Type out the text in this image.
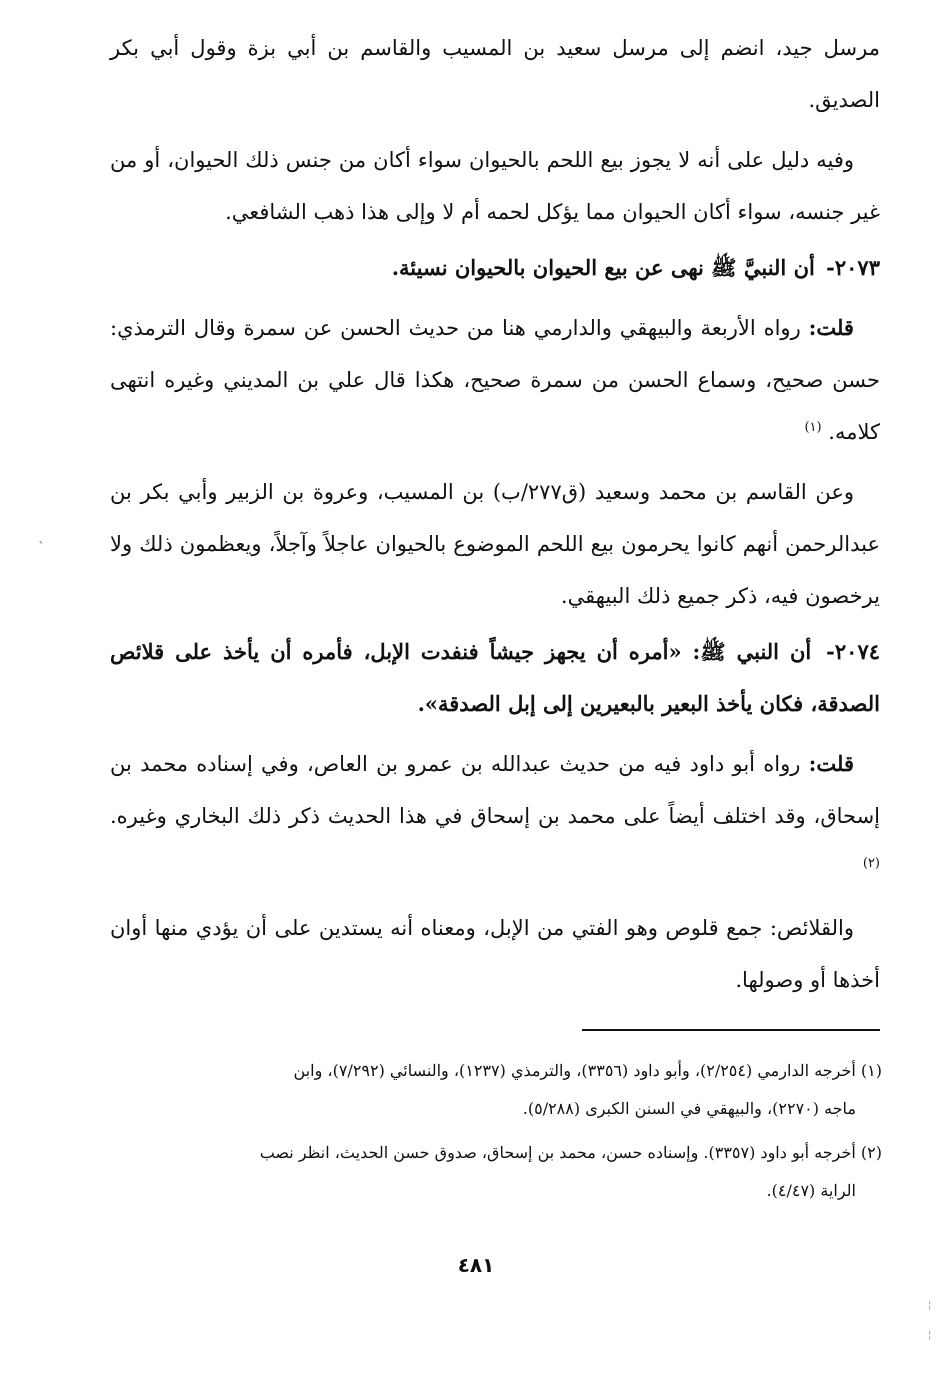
مرسل جيد، انضم إلى مرسل سعيد بن المسيب والقاسم بن أبي بزة وقول أبي بكر الصديق.

وفيه دليل على أنه لا يجوز بيع اللحم بالحيوان سواء أكان من جنس ذلك الحيوان، أو من غير جنسه، سواء أكان الحيوان مما يؤكل لحمه أم لا وإلى هذا ذهب الشافعي.

٢٠٧٣- أن النبيَّ ﷺ نهى عن بيع الحيوان بالحيوان نسيئة.

قلت: رواه الأربعة والبيهقي والدارمي هنا من حديث الحسن عن سمرة وقال الترمذي: حسن صحيح، وسماع الحسن من سمرة صحيح، هكذا قال علي بن المديني وغيره انتهى كلامه. $^{(١)}$

وعن القاسم بن محمد وسعيد (ق٢٧٧/ب) بن المسيب، وعروة بن الزبير وأبي بكر بن عبدالرحمن أنهم كانوا يحرمون بيع اللحم الموضوع بالحيوان عاجلاً وآجلاً، ويعظمون ذلك ولا يرخصون فيه، ذكر جميع ذلك البيهقي.

٢٠٧٤- أن النبي ﷺ: «أمره أن يجهز جيشاً فنفدت الإبل، فأمره أن يأخذ على قلائص الصدقة، فكان يأخذ البعير بالبعيرين إلى إبل الصدقة».

قلت: رواه أبو داود فيه من حديث عبدالله بن عمرو بن العاص، وفي إسناده محمد بن إسحاق، وقد اختلف أيضاً على محمد بن إسحاق في هذا الحديث ذكر ذلك البخاري وغيره. $^{(٢)}$

والقلائص: جمع قلوص وهو الفتي من الإبل، ومعناه أنه يستدين على أن يؤدي منها أوان أخذها أو وصولها.

(١) أخرجه الدارمي (٢/٢٥٤)، وأبو داود (٣٣٥٦)، والترمذي (١٢٣٧)، والنسائي (٧/٢٩٢)، وابن
ماجه (٢٢٧٠)، والبيهقي في السنن الكبرى (٥/٢٨٨).

(٢) أخرجه أبو داود (٣٣٥٧). وإسناده حسن، محمد بن إسحاق، صدوق حسن الحديث، انظر نصب
الراية (٤/٤٧).

٤٨١
ˎ
¦
¦
